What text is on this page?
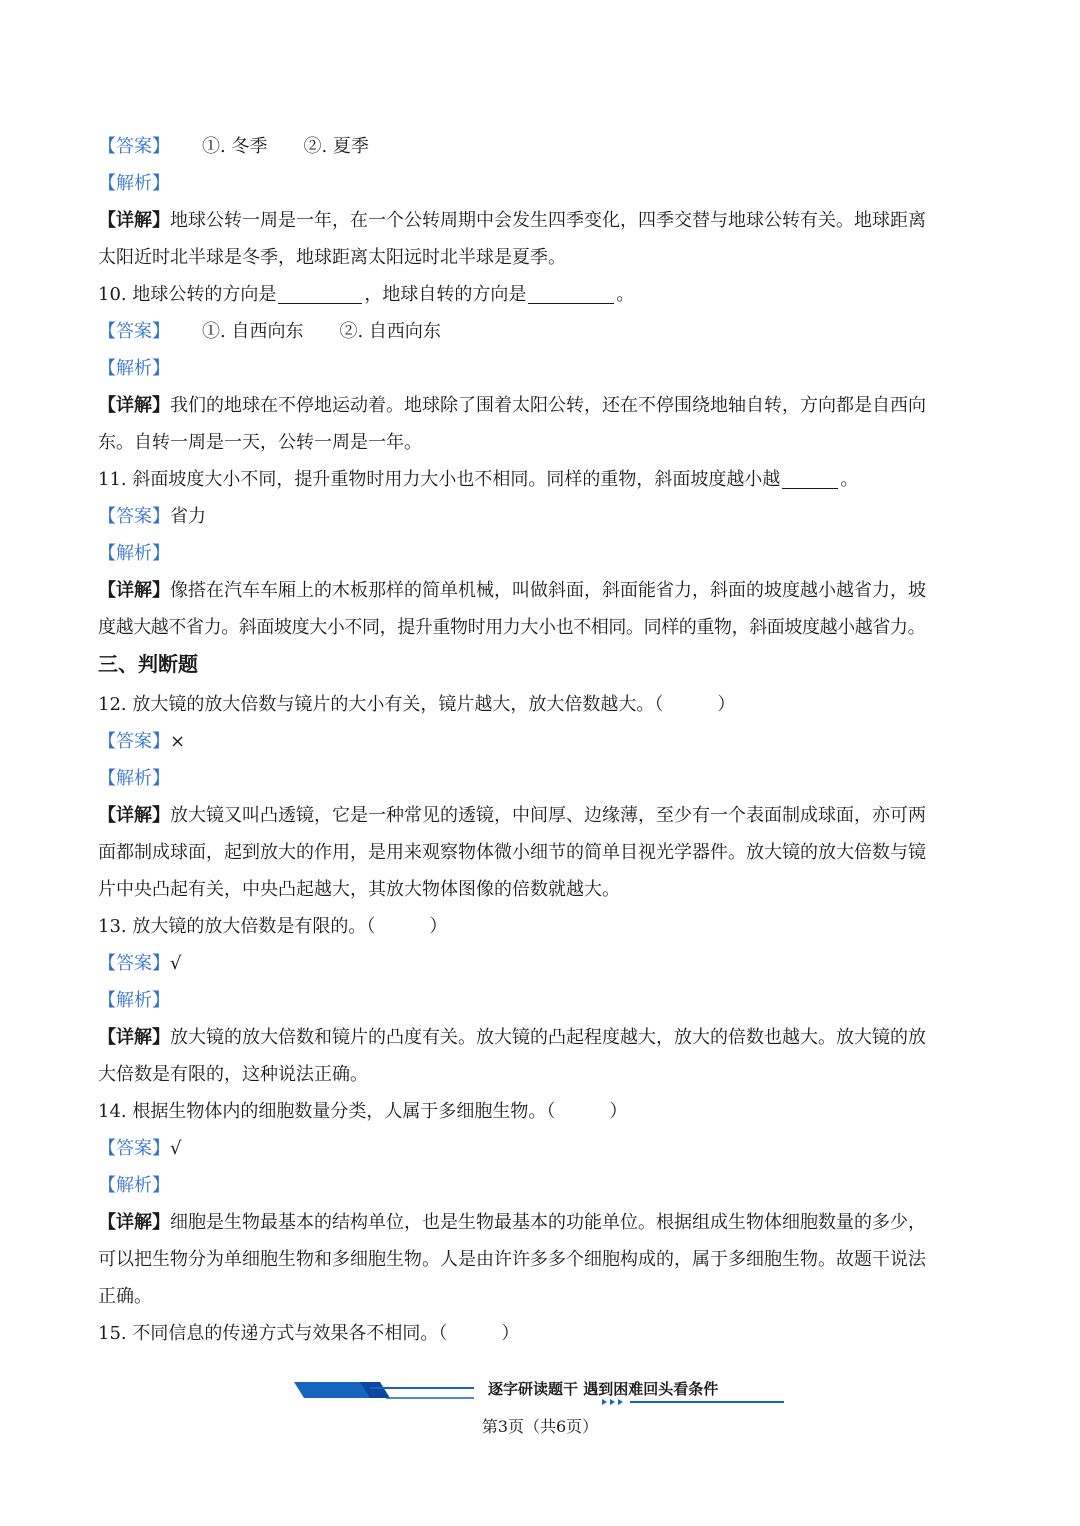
【答案】 ①. 冬季 ②. 夏季
【解析】
【详解】地球公转一周是一年，在一个公转周期中会发生四季变化，四季交替与地球公转有关。地球距离
太阳近时北半球是冬季，地球距离太阳远时北半球是夏季。
10. 地球公转的方向是	，地球自转的方向是	。
【答案】 ①. 自西向东 ②. 自西向东
【解析】
【详解】我们的地球在不停地运动着。地球除了围着太阳公转，还在不停围绕地轴自转，方向都是自西向
东。自转一周是一天，公转一周是一年。
11. 斜面坡度大小不同，提升重物时用力大小也不相同。同样的重物，斜面坡度越小越	。
【答案】省力
【解析】
【详解】像搭在汽车车厢上的木板那样的简单机械，叫做斜面，斜面能省力，斜面的坡度越小越省力，坡
度越大越不省力。斜面坡度大小不同，提升重物时用力大小也不相同。同样的重物，斜面坡度越小越省力。
三、判断题
12. 放大镜的放大倍数与镜片的大小有关，镜片越大，放大倍数越大。（　　　）
【答案】×
【解析】
【详解】放大镜又叫凸透镜，它是一种常见的透镜，中间厚、边缘薄，至少有一个表面制成球面，亦可两
面都制成球面，起到放大的作用，是用来观察物体微小细节的简单目视光学器件。放大镜的放大倍数与镜
片中央凸起有关，中央凸起越大，其放大物体图像的倍数就越大。
13. 放大镜的放大倍数是有限的。（　　　）
【答案】√
【解析】
【详解】放大镜的放大倍数和镜片的凸度有关。放大镜的凸起程度越大，放大的倍数也越大。放大镜的放
大倍数是有限的，这种说法正确。
14. 根据生物体内的细胞数量分类，人属于多细胞生物。（　　　）
【答案】√
【解析】
【详解】细胞是生物最基本的结构单位，也是生物最基本的功能单位。根据组成生物体细胞数量的多少，
可以把生物分为单细胞生物和多细胞生物。人是由许许多多个细胞构成的，属于多细胞生物。故题干说法
正确。
15. 不同信息的传递方式与效果各不相同。（　　　）
逐字研读题干 遇到困难回头看条件
第3页（共6页）
